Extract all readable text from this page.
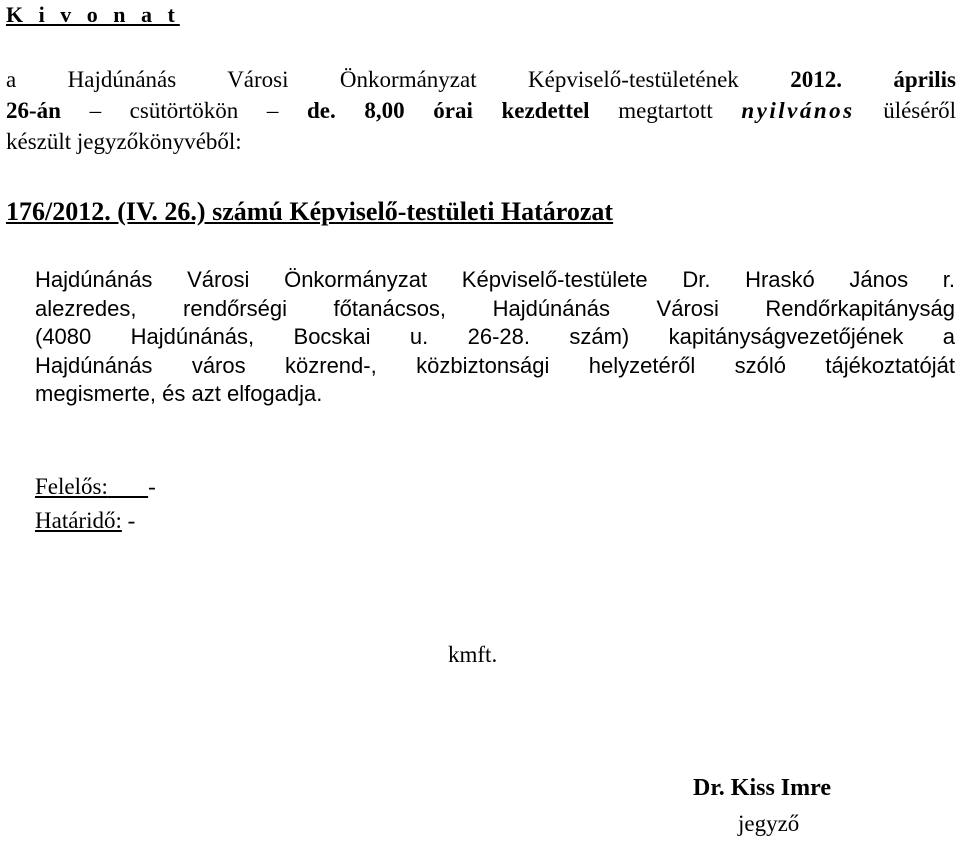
K i v o n a t
a Hajdúnánás Városi Önkormányzat Képviselő-testületének 2012. április
26-án – csütörtökön – de. 8,00 órai kezdettel megtartott nyilvános üléséről
készült jegyzőkönyvéből:
176/2012. (IV. 26.) számú Képviselő-testületi Határozat
Hajdúnánás Városi Önkormányzat Képviselő-testülete Dr. Hraskó János r.
alezredes, rendőrségi főtanácsos, Hajdúnánás Városi Rendőrkapitányság
(4080 Hajdúnánás, Bocskai u. 26-28. szám) kapitányságvezetőjének a
Hajdúnánás város közrend-, közbiztonsági helyzetéről szóló tájékoztatóját
megismerte, és azt elfogadja.
Felelős: -
Határidő: -
kmft.
Dr. Kiss Imre
jegyző
